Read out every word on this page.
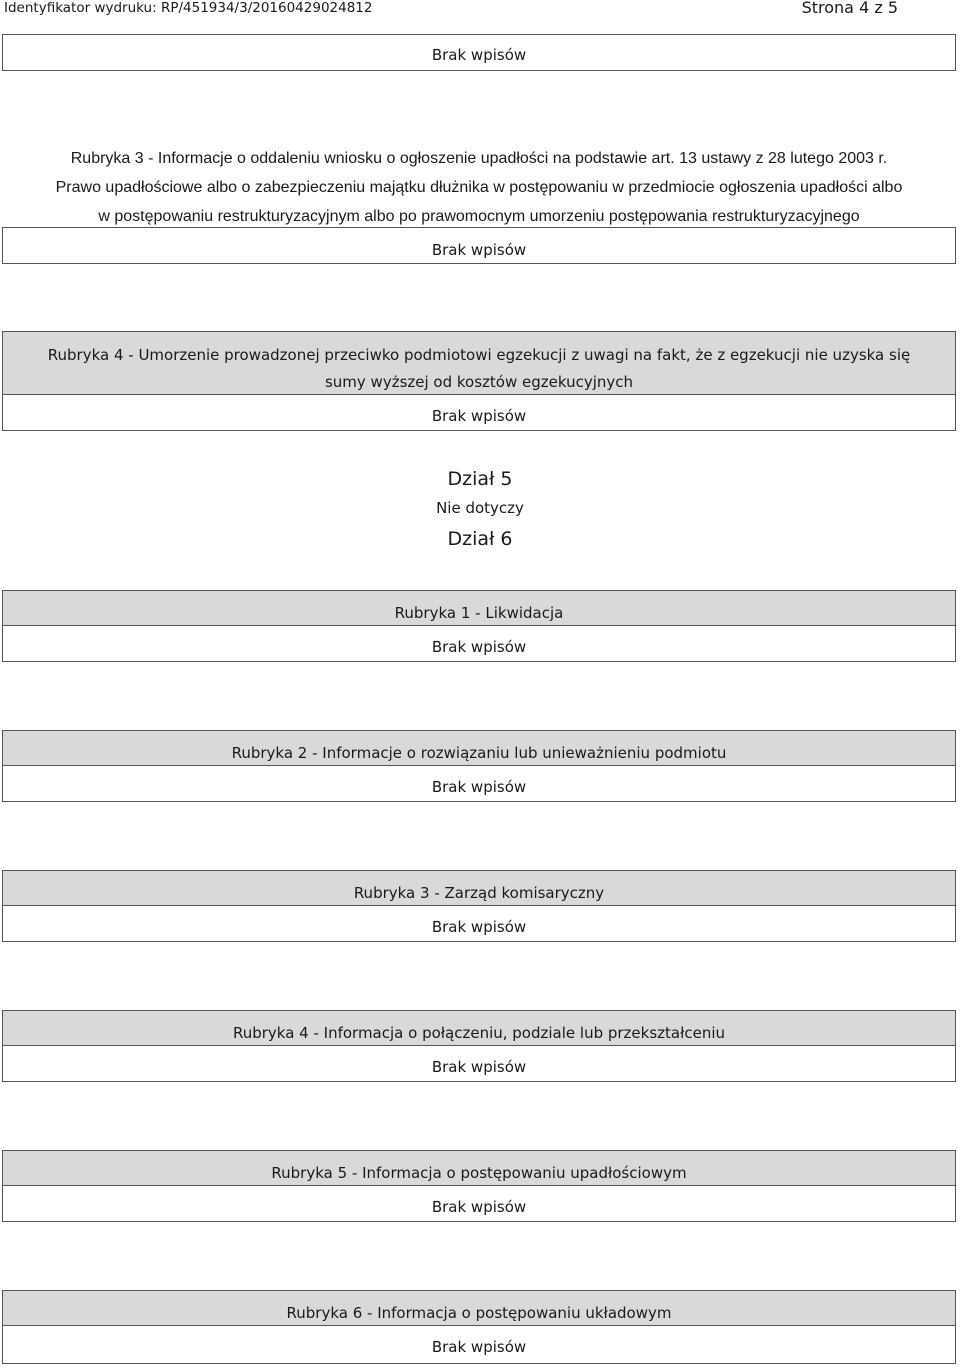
Identyfikator wydruku: RP/451934/3/20160429024812	Strona 4 z 5
Brak wpisów
Rubryka 3 - Informacje o oddaleniu wniosku o ogłoszenie upadłości na podstawie art. 13 ustawy z 28 lutego 2003 r.
Prawo upadłościowe albo o zabezpieczeniu majątku dłużnika w postępowaniu w przedmiocie ogłoszenia upadłości albo
w postępowaniu restrukturyzacyjnym albo po prawomocnym umorzeniu postępowania restrukturyzacyjnego
Brak wpisów
Rubryka 4 - Umorzenie prowadzonej przeciwko podmiotowi egzekucji z uwagi na fakt, że z egzekucji nie uzyska się
sumy wyższej od kosztów egzekucyjnych
Brak wpisów
Dział 5
Nie dotyczy
Dział 6
Rubryka 1 - Likwidacja
Brak wpisów
Rubryka 2 - Informacje o rozwiązaniu lub unieważnieniu podmiotu
Brak wpisów
Rubryka 3 - Zarząd komisaryczny
Brak wpisów
Rubryka 4 - Informacja o połączeniu, podziale lub przekształceniu
Brak wpisów
Rubryka 5 - Informacja o postępowaniu upadłościowym
Brak wpisów
Rubryka 6 - Informacja o postępowaniu układowym
Brak wpisów
